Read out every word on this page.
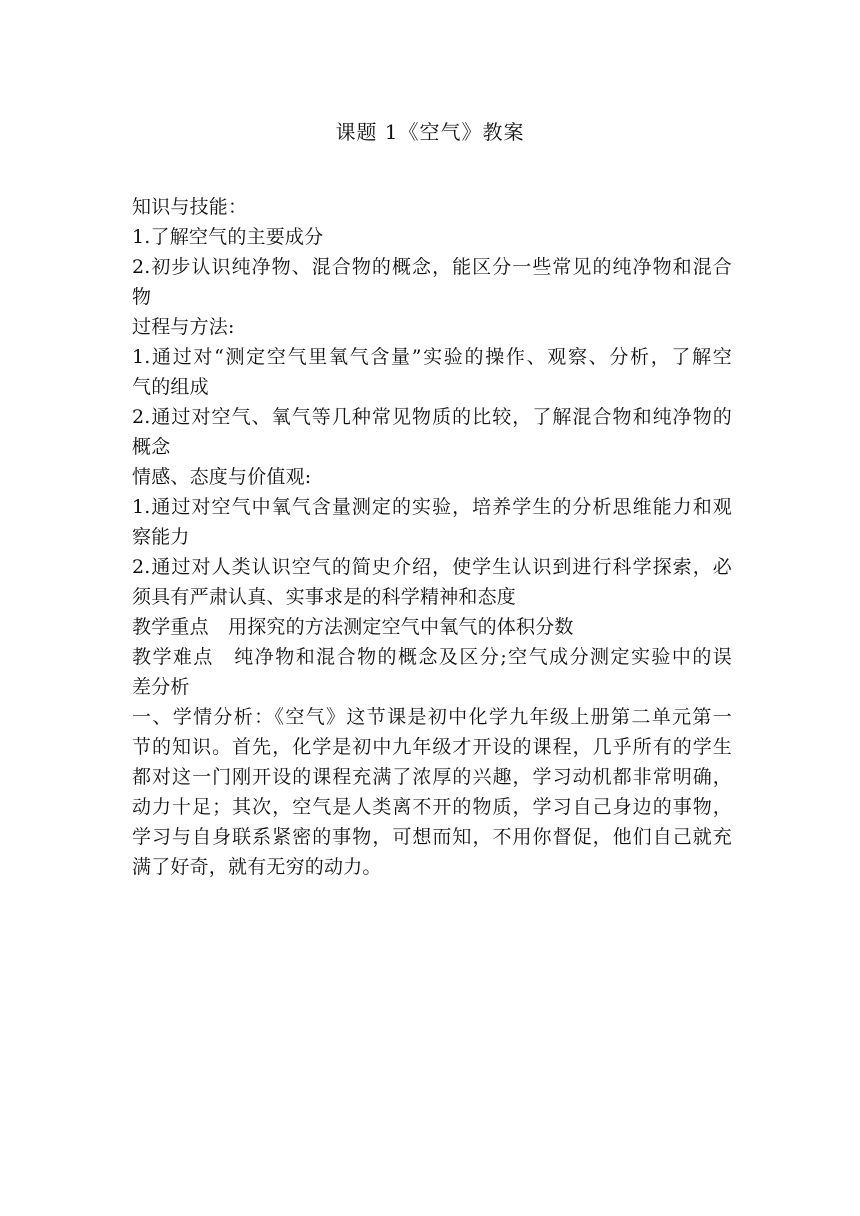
课题 1《空气》教案
知识与技能：
1.了解空气的主要成分
2.初步认识纯净物、混合物的概念，能区分一些常见的纯净物和混合
物
过程与方法:
1.通过对“测定空气里氧气含量”实验的操作、观察、分析，了解空
气的组成
2.通过对空气、氧气等几种常见物质的比较，了解混合物和纯净物的
概念
情感、态度与价值观:
1.通过对空气中氧气含量测定的实验，培养学生的分析思维能力和观
察能力
2.通过对人类认识空气的简史介绍，使学生认识到进行科学探索，必
须具有严肃认真、实事求是的科学精神和态度
教学重点　用探究的方法测定空气中氧气的体积分数
教学难点　纯净物和混合物的概念及区分;空气成分测定实验中的误
差分析
一、学情分析：《空气》这节课是初中化学九年级上册第二单元第一
节的知识。首先，化学是初中九年级才开设的课程，几乎所有的学生
都对这一门刚开设的课程充满了浓厚的兴趣，学习动机都非常明确，
动力十足；其次，空气是人类离不开的物质，学习自己身边的事物，
学习与自身联系紧密的事物，可想而知，不用你督促，他们自己就充
满了好奇，就有无穷的动力。
